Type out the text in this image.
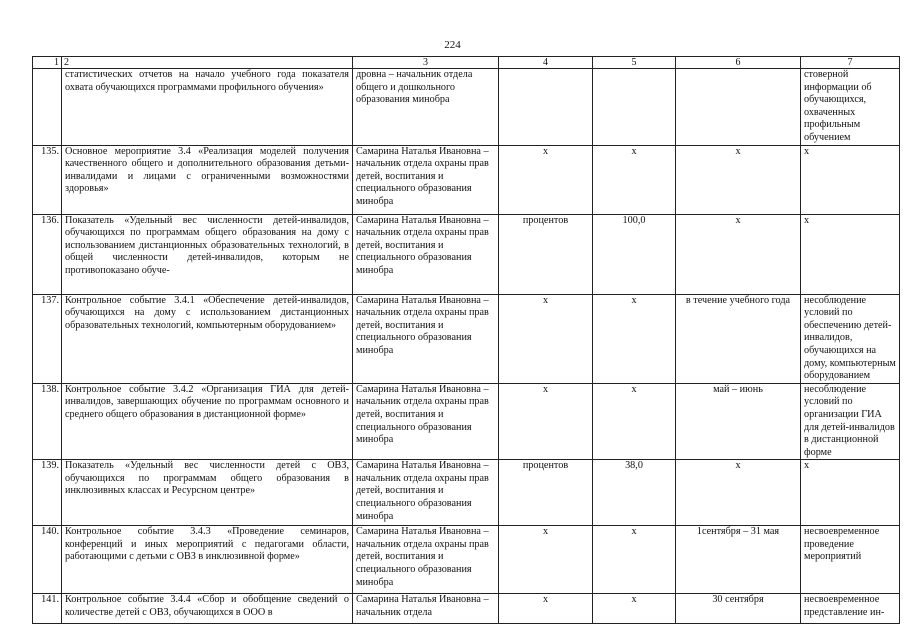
224
1	2	3	4	5	6	7
	статистических отчетов на начало учебного года показателя охвата обучающихся программами профильного обучения»	дровна – начальник отдела общего и дошкольного образования минобра				стоверной информации об обучающихся, охваченных профильным обучением
135.	Основное мероприятие 3.4 «Реализация моделей получения качественного общего и дополнительного образования детьми-инвалидами и лицами с ограниченными возможностями здоровья»	Самарина Наталья Ивановна – начальник отдела охраны прав детей, воспитания и специального образования минобра	х	х	х	х
136.	Показатель «Удельный вес численности детей-инвалидов, обучающихся по программам общего образования на дому с использованием дистанционных образовательных технологий, в общей численности детей-инвалидов, которым не противопоказано обуче-	Самарина Наталья Ивановна – начальник отдела охраны прав детей, воспитания и специального образования минобра	процентов	100,0	х	х
137.	Контрольное событие 3.4.1 «Обеспечение детей-инвалидов, обучающихся на дому с использованием дистанционных образовательных технологий, компьютерным оборудованием»	Самарина Наталья Ивановна – начальник отдела охраны прав детей, воспитания и специального образования минобра	х	х	в течение учебного года	несоблюдение условий по обеспечению детей-инвалидов, обучающихся на дому, компьютерным оборудованием
138.	Контрольное событие 3.4.2 «Организация ГИА для детей-инвалидов, завершающих обучение по программам основного и среднего общего образования в дистанционной форме»	Самарина Наталья Ивановна – начальник отдела охраны прав детей, воспитания и специального образования минобра	х	х	май – июнь	несоблюдение условий по организации ГИА для детей-инвалидов в дистанционной форме
139.	Показатель «Удельный вес численности детей с ОВЗ, обучающихся по программам общего образования в инклюзивных классах и Ресурсном центре»	Самарина Наталья Ивановна – начальник отдела охраны прав детей, воспитания и специального образования минобра	процентов	38,0	х	х
140.	Контрольное событие 3.4.3 «Проведение семинаров, конференций и иных мероприятий с педагогами области, работающими с детьми с ОВЗ в инклюзивной форме»	Самарина Наталья Ивановна – начальник отдела охраны прав детей, воспитания и специального образования минобра	х	х	1сентября – 31 мая	несвоевременное проведение мероприятий
141.	Контрольное событие 3.4.4 «Сбор и обобщение сведений о количестве детей с ОВЗ, обучающихся в ООО в	Самарина Наталья Ивановна – начальник отдела	х	х	30 сентября	несвоевременное представление ин-
